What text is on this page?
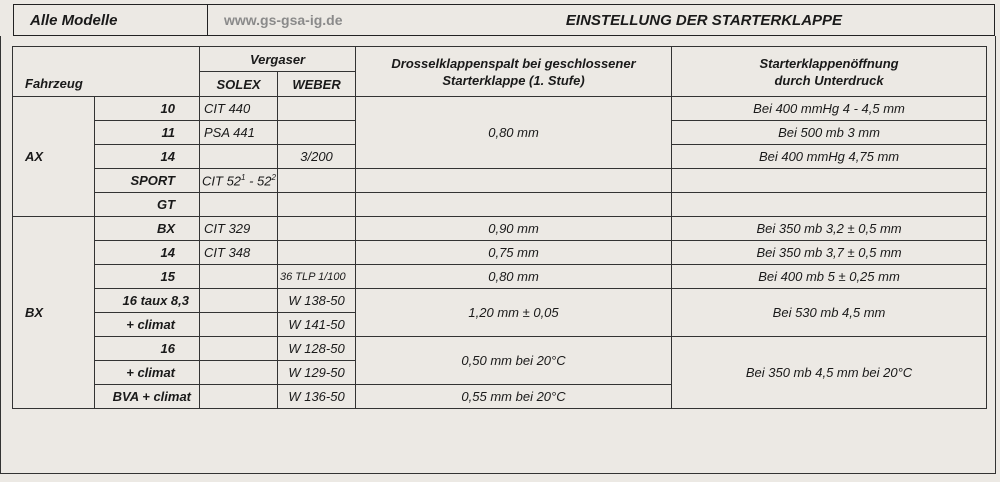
Alle Modelle	www.gs-gsa-ig.de	EINSTELLUNG DER STARTERKLAPPE
Fahrzeug		Vergaser		Drosselklappenspalt bei geschlossener Starterklappe (1. Stufe)	Starterklappenöffnung durch Unterdruck
		SOLEX	WEBER		
AX	10	CIT 440		0,80 mm	Bei 400 mmHg 4 - 4,5 mm
	11	PSA 441			Bei 500 mb 3 mm
	14		3/200		Bei 400 mmHg 4,75 mm
	SPORT	CIT $52^1 - 52^2$			
	GT				
BX	BX	CIT 329		0,90 mm	Bei 350 mb 3,2 ± 0,5 mm
	14	CIT 348		0,75 mm	Bei 350 mb 3,7 ± 0,5 mm
	15		36 TLP 1/100	0,80 mm	Bei 400 mb 5 ± 0,25 mm
	16 taux 8,3		W 138-50	1,20 mm ± 0,05	Bei 530 mb 4,5 mm
	+ climat		W 141-50		
	16		W 128-50	0,50 mm bei 20°C	Bei 350 mb 4,5 mm bei 20°C
	+ climat		W 129-50		
	BVA + climat		W 136-50	0,55 mm bei 20°C	
